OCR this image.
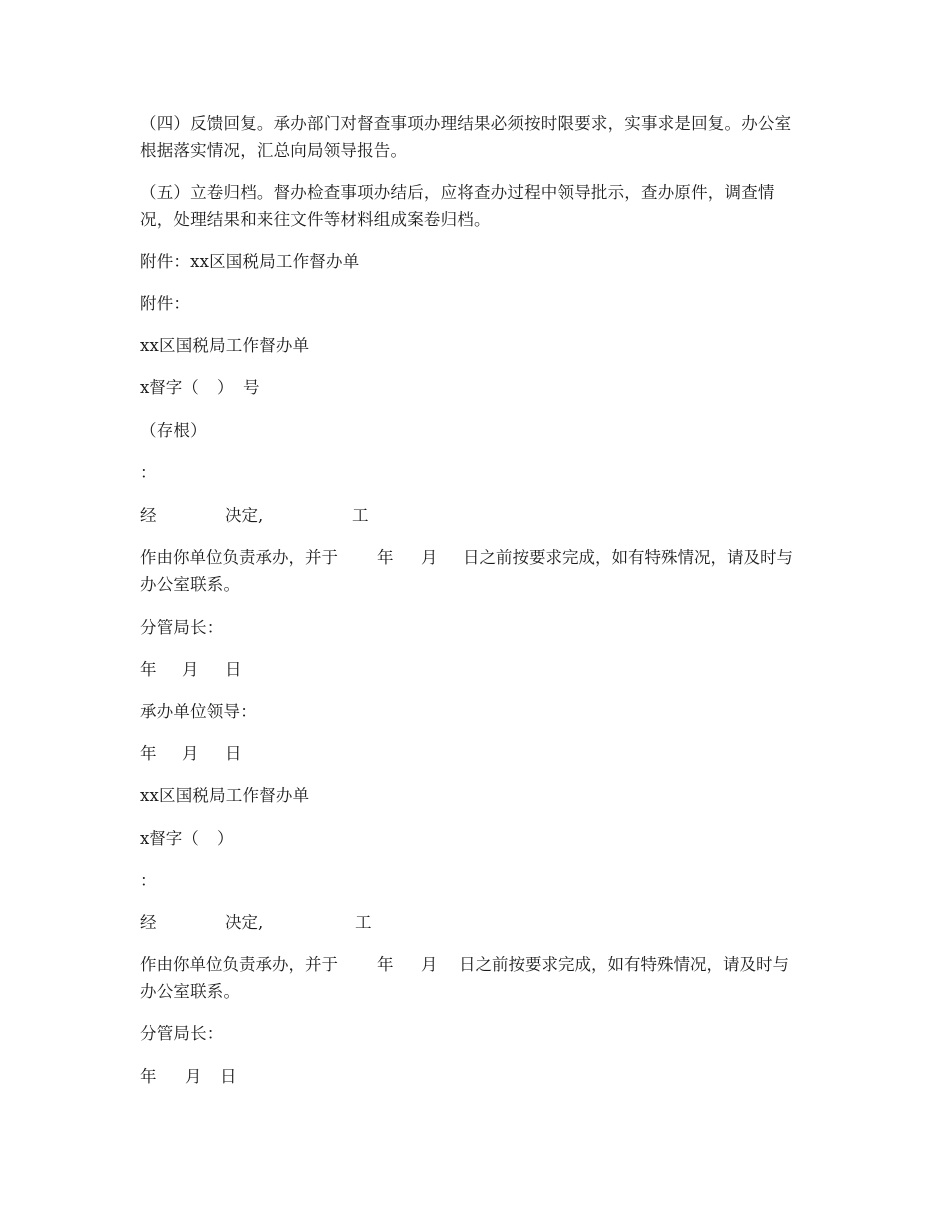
（四）反馈回复。承办部门对督查事项办理结果必须按时限要求，实事求是回复。办公室
根据落实情况，汇总向局领导报告。
（五）立卷归档。督办检查事项办结后，应将查办过程中领导批示，查办原件，调查情
况，处理结果和来往文件等材料组成案卷归档。
附件：xx区国税局工作督办单
附件：
xx区国税局工作督办单
x督字（ ） 号
（存根）
：
经	决定,	工
作由你单位负责承办，并于 年 月 日之前按要求完成，如有特殊情况，请及时与
办公室联系。
分管局长：
年 月 日
承办单位领导：
年 月 日
xx区国税局工作督办单
x督字（ ）
：
经	决定,	工
作由你单位负责承办，并于 年 月 日之前按要求完成，如有特殊情况，请及时与
办公室联系。
分管局长：
年 月 日
